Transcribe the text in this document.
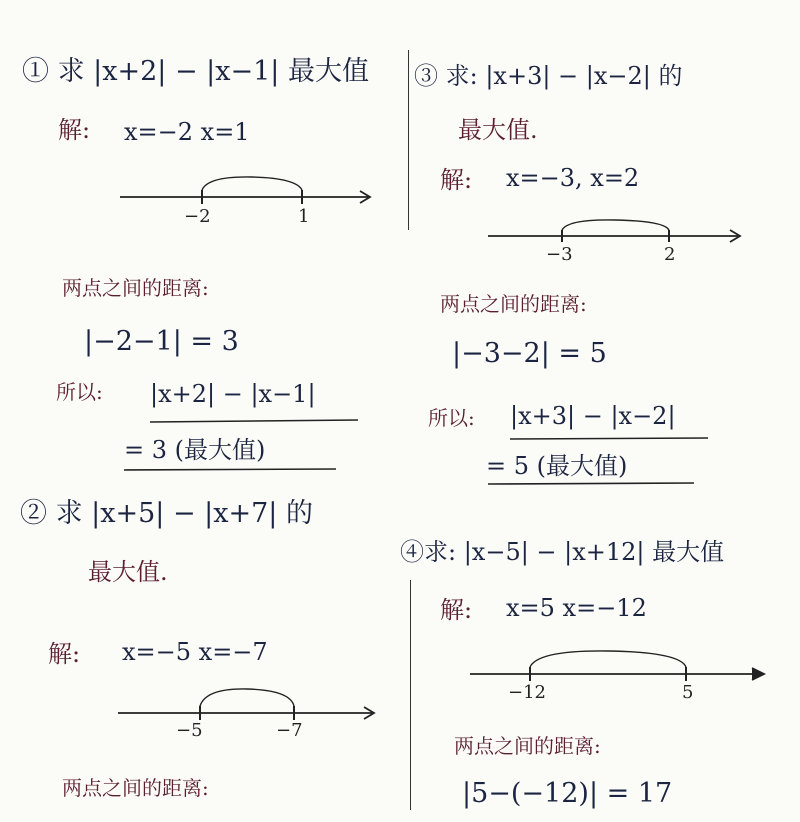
① 求 |x+2| − |x−1| 最大值
解: x=−2 x=1
−2	1
两点之间的距离:
|−2−1| = 3
所以: |x+2| − |x−1|
= 3 (最大值)
③ 求: |x+3| − |x−2| 的
最大值.
解: x=−3, x=2
−3	2
两点之间的距离:
|−3−2| = 5
所以: |x+3| − |x−2|
= 5 (最大值)
② 求 |x+5| − |x+7| 的
最大值.
解: x=−5 x=−7
−5	−7
两点之间的距离:
④求: |x−5| − |x+12| 最大值
解: x=5 x=−12
−12	5
两点之间的距离:
|5−(−12)| = 17
